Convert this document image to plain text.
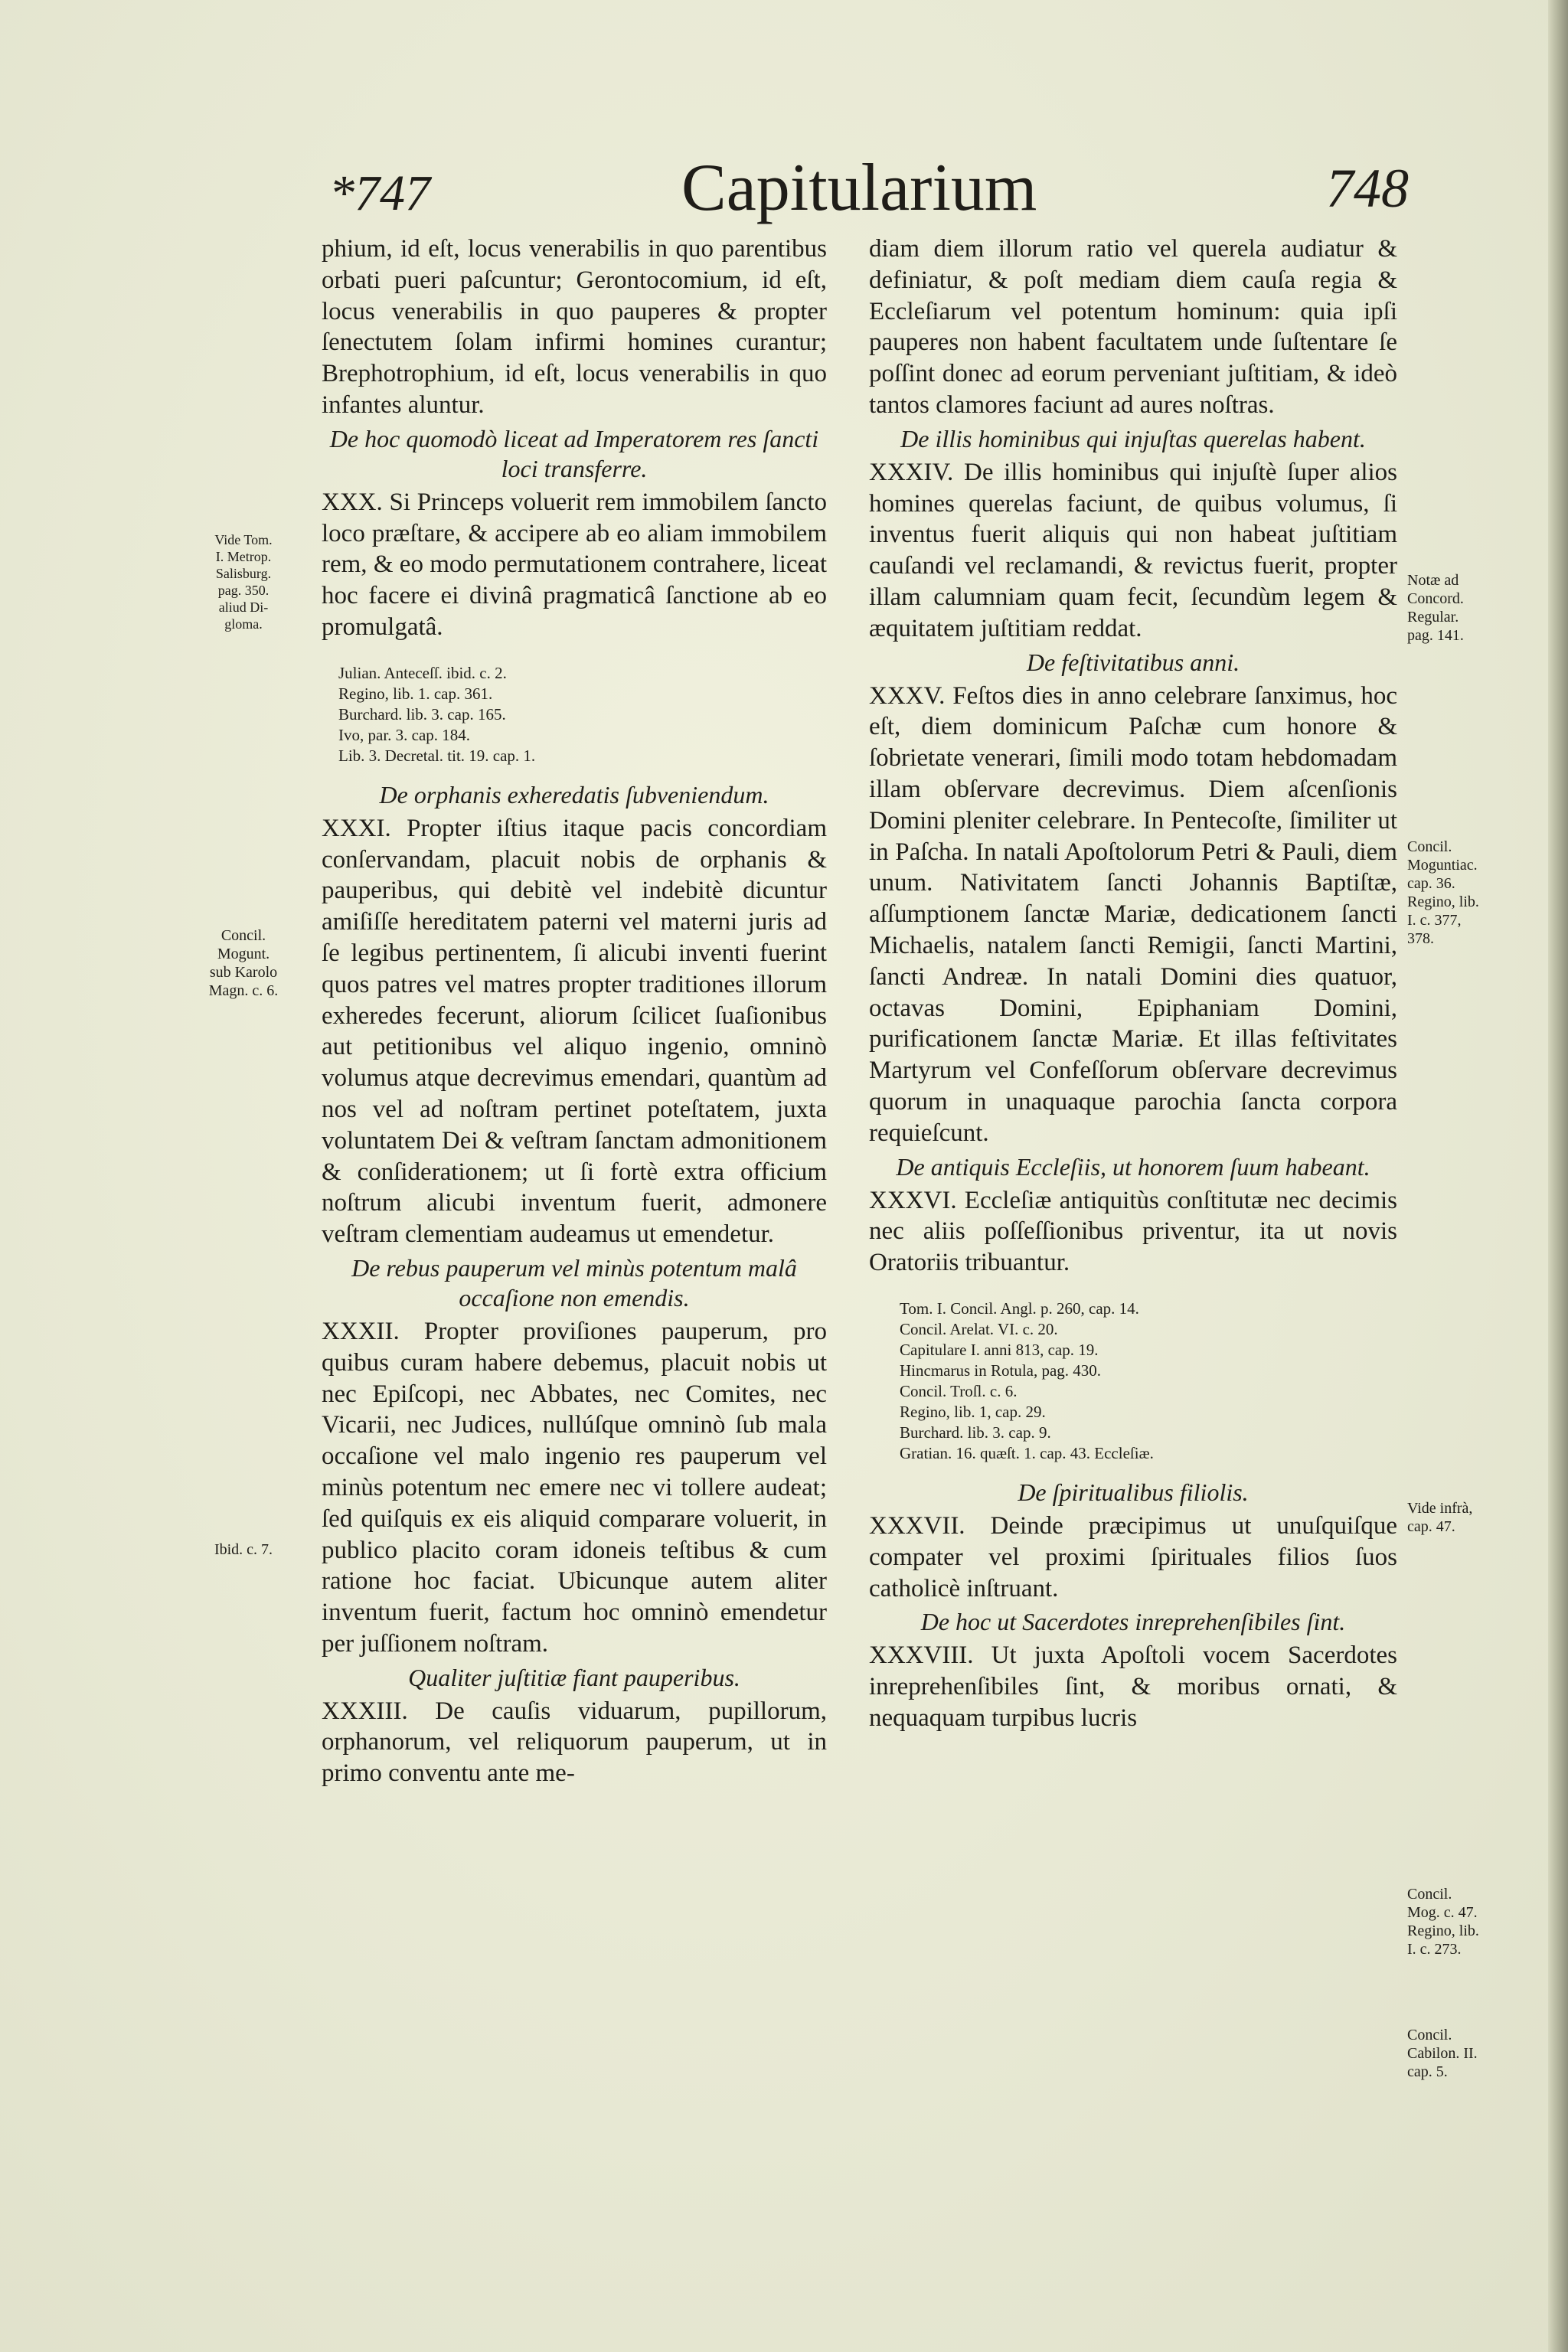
*747	Capitularium	748
Vide Tom.
I. Metrop.
Salisburg.
pag. 350.
aliud Di-
gloma.
Concil.
Mogunt.
sub Karolo
Magn. c. 6.
Ibid. c. 7.
Notæ ad
Concord.
Regular.
pag. 141.
Concil.
Moguntiac.
cap. 36.
Regino, lib.
I. c. 377,
378.
Vide infrà,
cap. 47.
Concil.
Mog. c. 47.
Regino, lib.
I. c. 273.
Concil.
Cabilon. II.
cap. 5.

phium, id eſt, locus venerabilis in quo parentibus orbati pueri paſcuntur; Gerontocomium, id eſt, locus venerabilis in quo pauperes & propter ſenectutem ſolam infirmi homines curantur; Brephotrophium, id eſt, locus venerabilis in quo infantes aluntur.

De hoc quomodò liceat ad Imperatorem res ſancti loci transferre.

XXX. Si Princeps voluerit rem immobilem ſancto loco præſtare, & accipere ab eo aliam immobilem rem, & eo modo permutationem contrahere, liceat hoc facere ei divinâ pragmaticâ ſanctione ab eo promulgatâ.

Julian. Anteceſſ. ibid. c. 2.
Regino, lib. 1. cap. 361.
Burchard. lib. 3. cap. 165.
Ivo, par. 3. cap. 184.
Lib. 3. Decretal. tit. 19. cap. 1.

De orphanis exheredatis ſubveniendum.

XXXI. Propter iſtius itaque pacis concordiam conſervandam, placuit nobis de orphanis & pauperibus, qui debitè vel indebitè dicuntur amiſiſſe hereditatem paterni vel materni juris ad ſe legibus pertinentem, ſi alicubi inventi fuerint quos patres vel matres propter traditiones illorum exheredes fecerunt, aliorum ſcilicet ſuaſionibus aut petitionibus vel aliquo ingenio, omninò volumus atque decrevimus emendari, quantùm ad nos vel ad noſtram pertinet poteſtatem, juxta voluntatem Dei & veſtram ſanctam admonitionem & conſiderationem; ut ſi fortè extra officium noſtrum alicubi inventum fuerit, admonere veſtram clementiam audeamus ut emendetur.

De rebus pauperum vel minùs potentum malâ occaſione non emendis.

XXXII. Propter proviſiones pauperum, pro quibus curam habere debemus, placuit nobis ut nec Epiſcopi, nec Abbates, nec Comites, nec Vicarii, nec Judices, nullúſque omninò ſub mala occaſione vel malo ingenio res pauperum vel minùs potentum nec emere nec vi tollere audeat; ſed quiſquis ex eis aliquid comparare voluerit, in publico placito coram idoneis teſtibus & cum ratione hoc faciat. Ubicunque autem aliter inventum fuerit, factum hoc omninò emendetur per juſſionem noſtram.

Qualiter juſtitiæ fiant pauperibus.

XXXIII. De cauſis viduarum, pupillorum, orphanorum, vel reliquorum pauperum, ut in primo conventu ante me-

diam diem illorum ratio vel querela audiatur & definiatur, & poſt mediam diem cauſa regia & Eccleſiarum vel potentum hominum: quia ipſi pauperes non habent facultatem unde ſuſtentare ſe poſſint donec ad eorum perveniant juſtitiam, & ideò tantos clamores faciunt ad aures noſtras.

De illis hominibus qui injuſtas querelas habent.

XXXIV. De illis hominibus qui injuſtè ſuper alios homines querelas faciunt, de quibus volumus, ſi inventus fuerit aliquis qui non habeat juſtitiam cauſandi vel reclamandi, & revictus fuerit, propter illam calumniam quam fecit, ſecundùm legem & æquitatem juſtitiam reddat.

De feſtivitatibus anni.

XXXV. Feſtos dies in anno celebrare ſanximus, hoc eſt, diem dominicum Paſchæ cum honore & ſobrietate venerari, ſimili modo totam hebdomadam illam obſervare decrevimus. Diem aſcenſionis Domini pleniter celebrare. In Pentecoſte, ſimiliter ut in Paſcha. In natali Apoſtolorum Petri & Pauli, diem unum. Nativitatem ſancti Johannis Baptiſtæ, aſſumptionem ſanctæ Mariæ, dedicationem ſancti Michaelis, natalem ſancti Remigii, ſancti Martini, ſancti Andreæ. In natali Domini dies quatuor, octavas Domini, Epiphaniam Domini, purificationem ſanctæ Mariæ. Et illas feſtivitates Martyrum vel Confeſſorum obſervare decrevimus quorum in unaquaque parochia ſancta corpora requieſcunt.

De antiquis Eccleſiis, ut honorem ſuum habeant.

XXXVI. Eccleſiæ antiquitùs conſtitutæ nec decimis nec aliis poſſeſſionibus priventur, ita ut novis Oratoriis tribuantur.

Tom. I. Concil. Angl. p. 260, cap. 14.
Concil. Arelat. VI. c. 20.
Capitulare I. anni 813, cap. 19.
Hincmarus in Rotula, pag. 430.
Concil. Troſl. c. 6.
Regino, lib. 1, cap. 29.
Burchard. lib. 3. cap. 9.
Gratian. 16. quæſt. 1. cap. 43. Eccleſiæ.

De ſpiritualibus filiolis.

XXXVII. Deinde præcipimus ut unuſquiſque compater vel proximi ſpirituales filios ſuos catholicè inſtruant.

De hoc ut Sacerdotes inreprehenſibiles ſint.

XXXVIII. Ut juxta Apoſtoli vocem Sacerdotes inreprehenſibiles ſint, & moribus ornati, & nequaquam turpibus lucris
